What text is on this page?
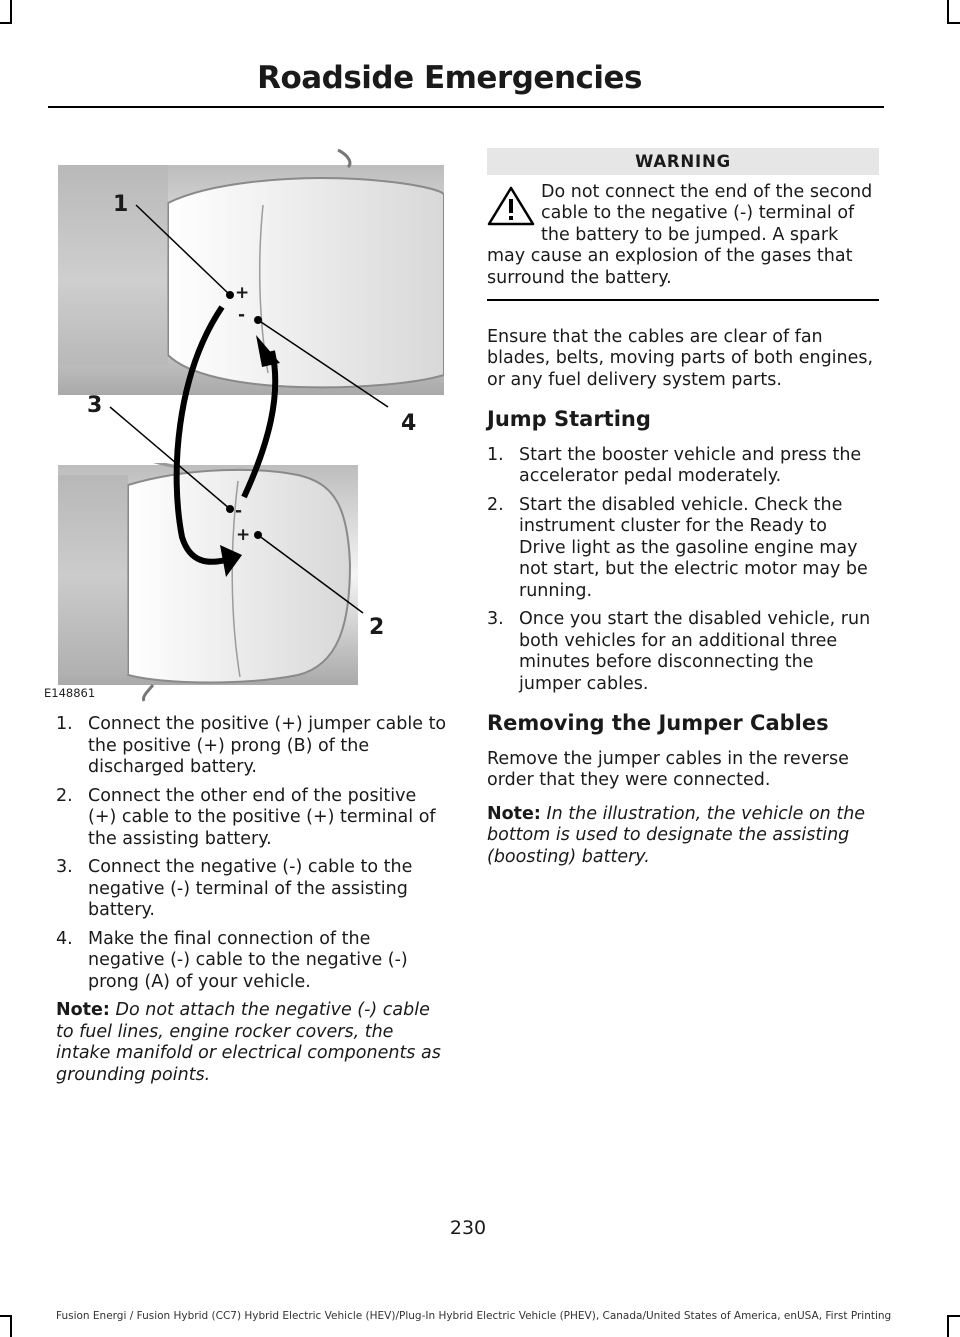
Roadside Emergencies
1
4
3
2
+
-
-
+
E148861
1. Connect the positive (+) jumper cable to the positive (+) prong (B) of the discharged battery.
2. Connect the other end of the positive (+) cable to the positive (+) terminal of the assisting battery.
3. Connect the negative (-) cable to the negative (-) terminal of the assisting battery.
4. Make the final connection of the negative (-) cable to the negative (-) prong (A) of your vehicle.

Note: Do not attach the negative (-) cable to fuel lines, engine rocker covers, the intake manifold or electrical components as grounding points.

WARNING
Do not connect the end of the second cable to the negative (-) terminal of the battery to be jumped. A spark may cause an explosion of the gases that surround the battery.

Ensure that the cables are clear of fan blades, belts, moving parts of both engines, or any fuel delivery system parts.

Jump Starting
1. Start the booster vehicle and press the accelerator pedal moderately.
2. Start the disabled vehicle. Check the instrument cluster for the Ready to Drive light as the gasoline engine may not start, but the electric motor may be running.
3. Once you start the disabled vehicle, run both vehicles for an additional three minutes before disconnecting the jumper cables.
Removing the Jumper Cables

Remove the jumper cables in the reverse order that they were connected.

Note: In the illustration, the vehicle on the bottom is used to designate the assisting (boosting) battery.

230
Fusion Energi / Fusion Hybrid (CC7) Hybrid Electric Vehicle (HEV)/Plug-In Hybrid Electric Vehicle (PHEV), Canada/United States of America, enUSA, First Printing
